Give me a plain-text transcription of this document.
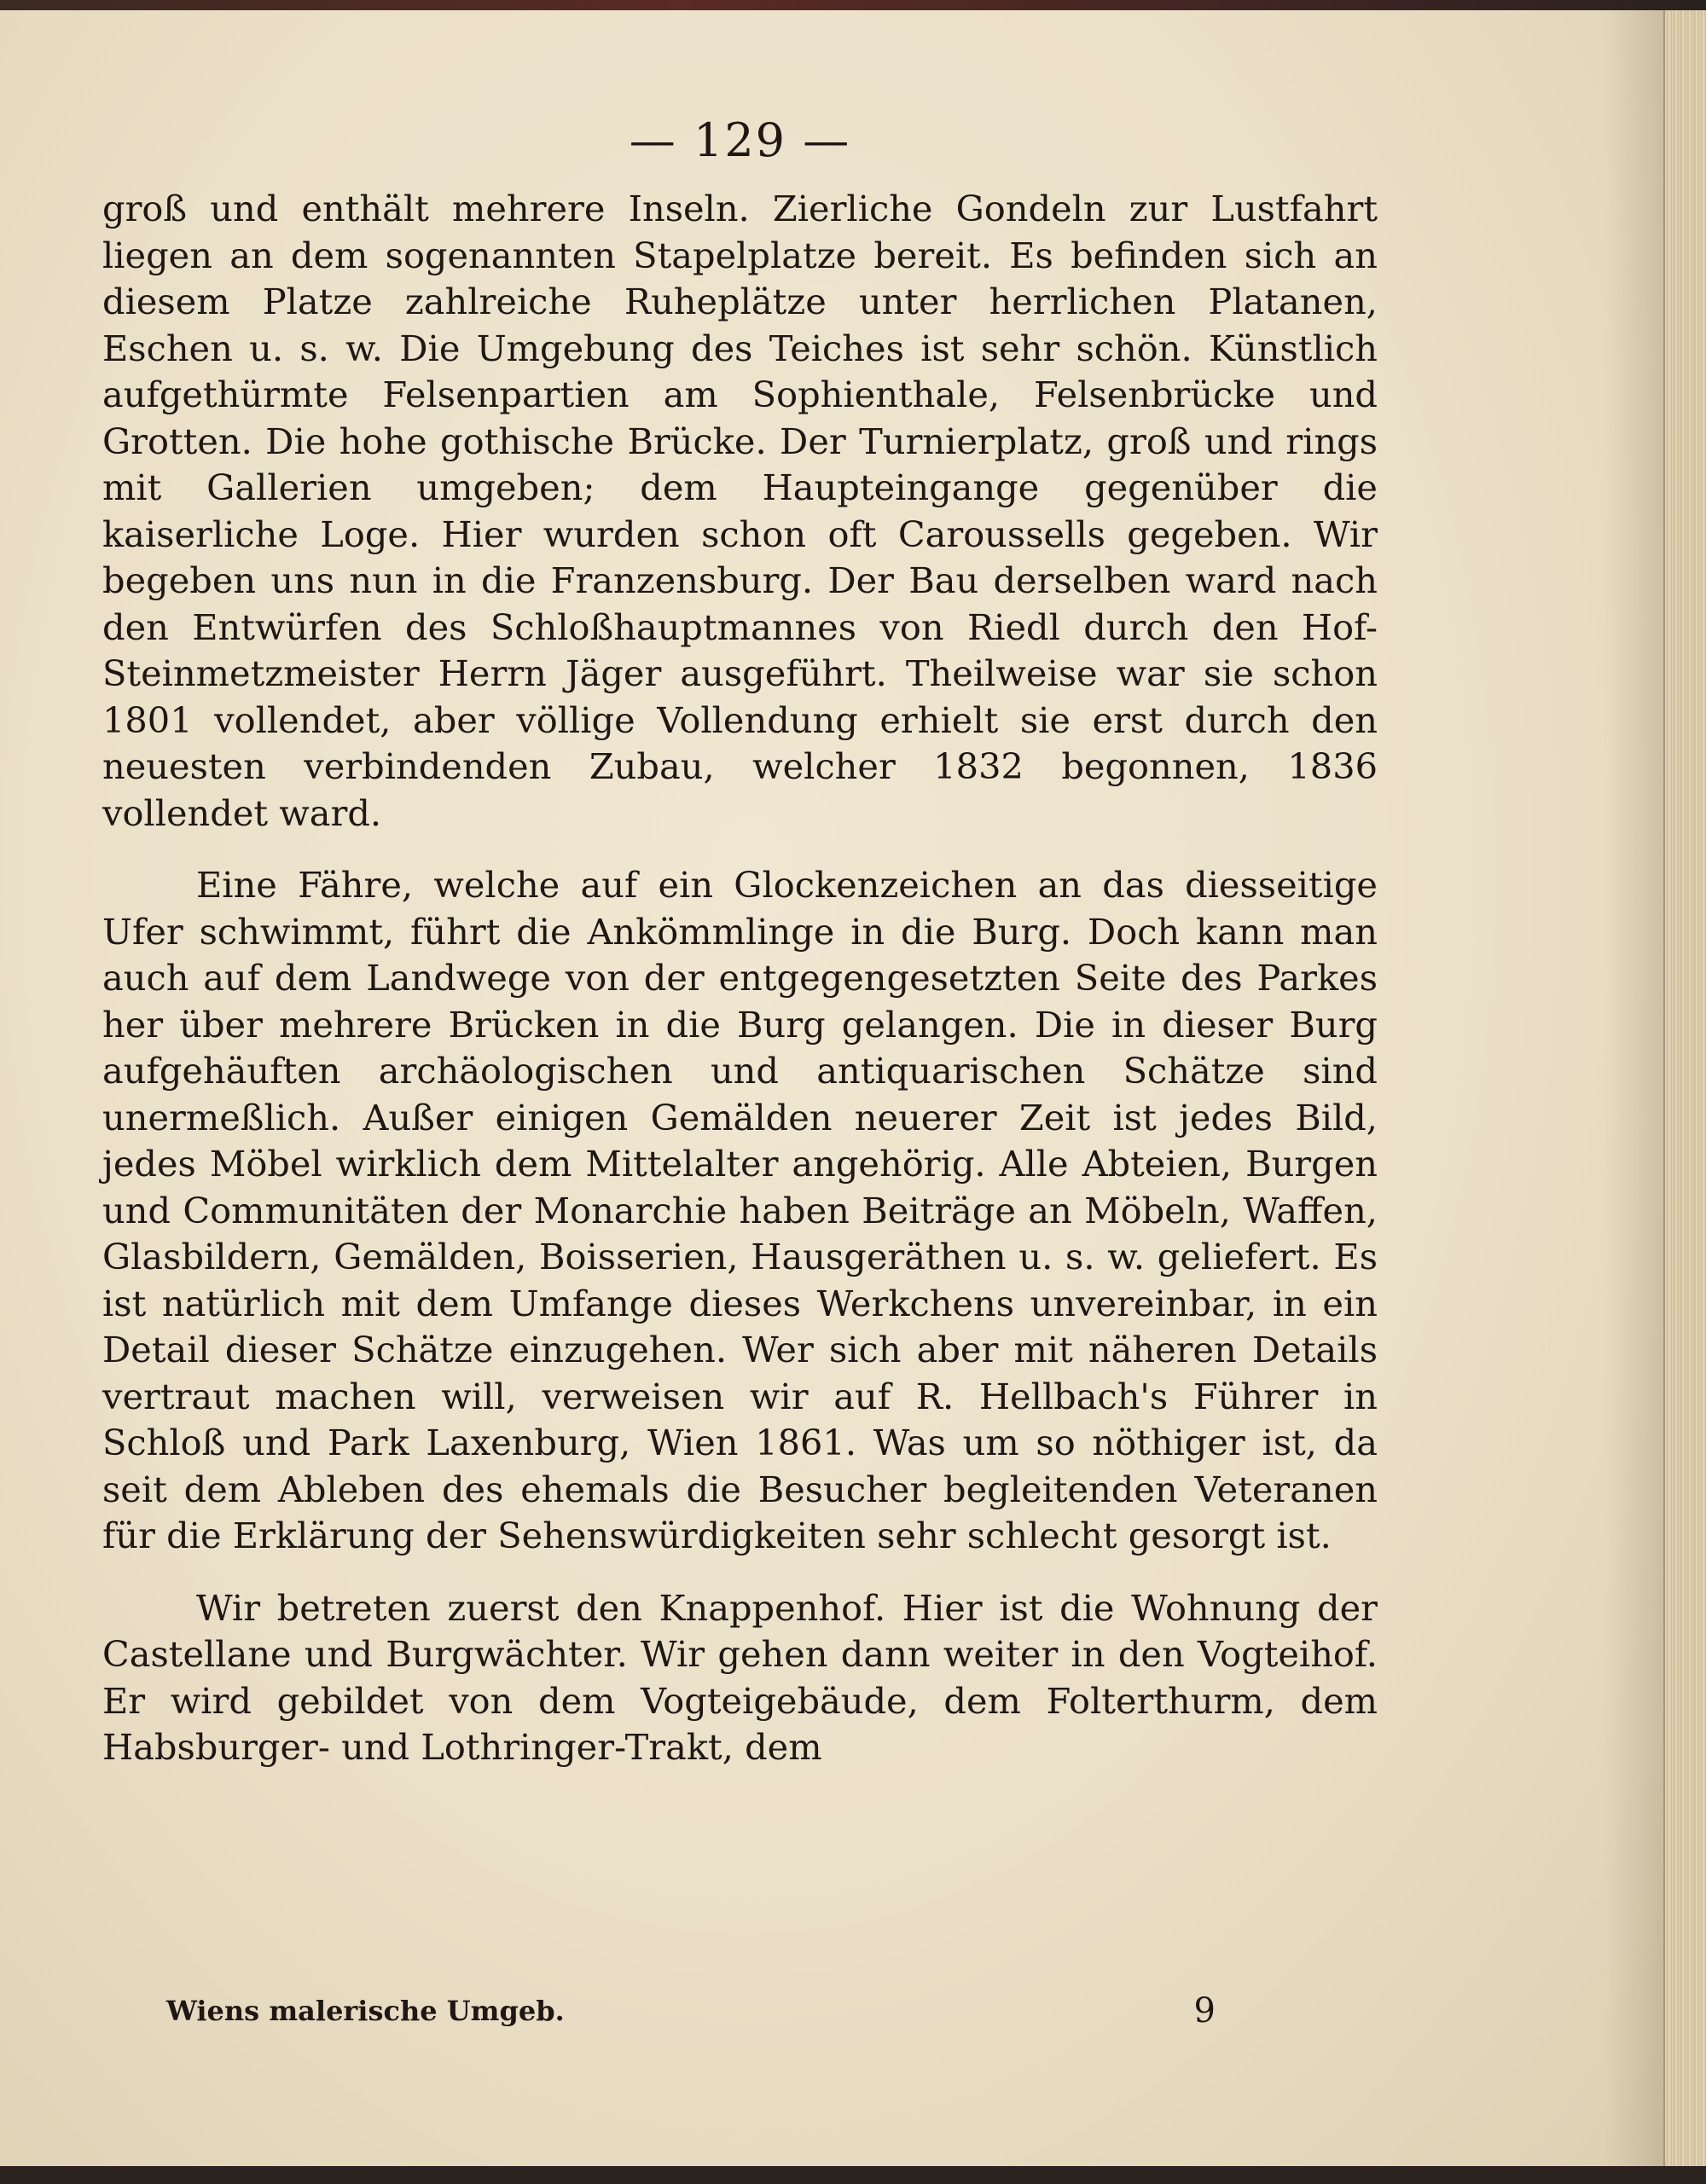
— 129 —

groß und enthält mehrere Inseln. Zierliche Gondeln zur Lustfahrt liegen an dem sogenannten Stapelplatze bereit. Es befinden sich an diesem Platze zahlreiche Ruheplätze unter herrlichen Platanen, Eschen u. s. w. Die Umgebung des Teiches ist sehr schön. Künstlich aufgethürmte Felsenpartien am Sophienthale, Felsenbrücke und Grotten. Die hohe gothische Brücke. Der Turnierplatz, groß und rings mit Gallerien umgeben; dem Haupteingange gegenüber die kaiserliche Loge. Hier wurden schon oft Caroussells gegeben. Wir begeben uns nun in die Franzensburg. Der Bau derselben ward nach den Entwürfen des Schloßhauptmannes von Riedl durch den Hof-Steinmetzmeister Herrn Jäger ausgeführt. Theilweise war sie schon 1801 vollendet, aber völlige Vollendung erhielt sie erst durch den neuesten verbindenden Zubau, welcher 1832 begonnen, 1836 vollendet ward.

Eine Fähre, welche auf ein Glockenzeichen an das diesseitige Ufer schwimmt, führt die Ankömmlinge in die Burg. Doch kann man auch auf dem Landwege von der entgegengesetzten Seite des Parkes her über mehrere Brücken in die Burg gelangen. Die in dieser Burg aufgehäuften archäologischen und antiquarischen Schätze sind unermeßlich. Außer einigen Gemälden neuerer Zeit ist jedes Bild, jedes Möbel wirklich dem Mittelalter angehörig. Alle Abteien, Burgen und Communitäten der Monarchie haben Beiträge an Möbeln, Waffen, Glasbildern, Gemälden, Boisserien, Hausgeräthen u. s. w. geliefert. Es ist natürlich mit dem Umfange dieses Werkchens unvereinbar, in ein Detail dieser Schätze einzugehen. Wer sich aber mit näheren Details vertraut machen will, verweisen wir auf R. Hellbach's Führer in Schloß und Park Laxenburg, Wien 1861. Was um so nöthiger ist, da seit dem Ableben des ehemals die Besucher begleitenden Veteranen für die Erklärung der Sehenswürdigkeiten sehr schlecht gesorgt ist.

Wir betreten zuerst den Knappenhof. Hier ist die Wohnung der Castellane und Burgwächter. Wir gehen dann weiter in den Vogteihof. Er wird gebildet von dem Vogteigebäude, dem Folterthurm, dem Habsburger- und Lothringer-Trakt, dem

Wiens malerische Umgeb.	9
